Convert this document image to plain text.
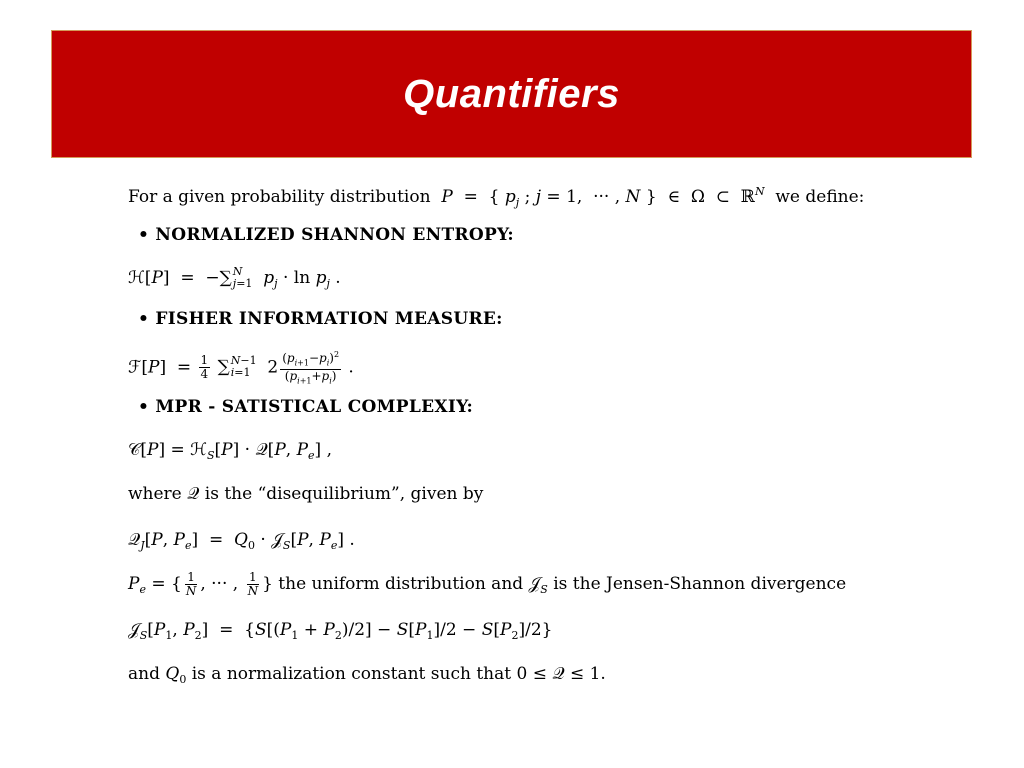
Quantifiers
For a given probability distribution  P  =  { $p_j$ ; j = 1,  ··· , N }  ∈  Ω  ⊂  ℝ$^N$  we define:
• NORMALIZED SHANNON ENTROPY:
ℋ[P]  =  −∑ N
j=1 $p_j \cdot \ln p_j$ .
• FISHER INFORMATION MEASURE:
ℱ[P]  = $\frac{1}{4}$ ∑ N−1
i=1 $2 \frac{(p_{i+1}-p_i)^2}{(p_{i+1}+p_i)}$ .
• MPR - SATISTICAL COMPLEXIY:
𝒞[P] = ℋ$_S$[P] · 𝒬[P, $P_e$] ,
where 𝒬 is the “disequilibrium”, given by
𝒬$_J$[P, $P_e] = Q_0$ · 𝒥$_S$[P, $P_e$] .
$P_e$ = { $\frac{1}{N}$ , ··· , $\frac{1}{N}$ } the uniform distribution and 𝒥$_S$ is the Jensen-Shannon divergence
$𝒥_S[P_1$, $P_2] = \{S[(P_1 + P_2)/2] - S[P_1]/2 - S[P_2]/2\}$
and $Q_0$ is a normalization constant such that 0 ≤ 𝒬 ≤ 1.
